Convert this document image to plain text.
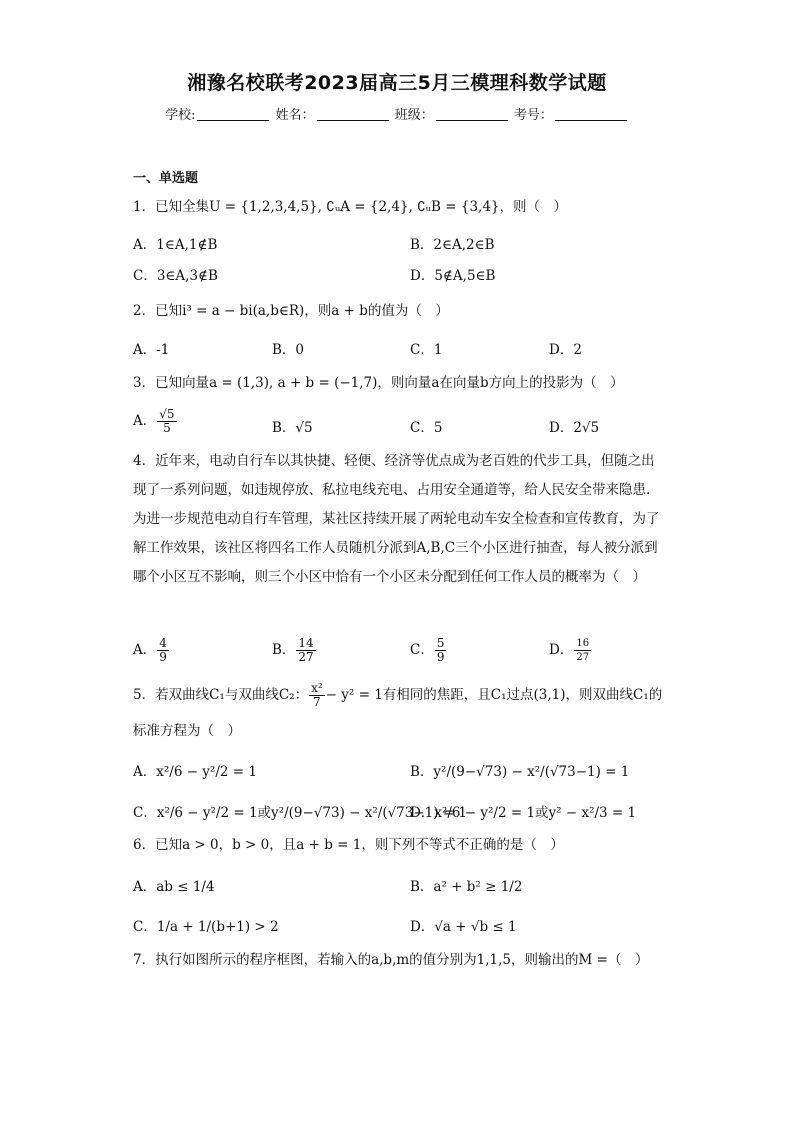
湘豫名校联考2023届高三5月三模理科数学试题
学校:	姓名：	班级：	考号：
一、单选题
1．已知全集U = {1,2,3,4,5}, ∁ᵤA = {2,4}, ∁ᵤB = {3,4}，则（　）
A．1∈A,1∉B	B．2∈A,2∈B
C．3∈A,3∉B	D．5∉A,5∈B
2．已知i³ = a − bi(a,b∈R)，则a + b的值为（　）
A．-1	B．0	C．1	D．2
3．已知向量a = (1,3), a + b = (−1,7)，则向量a在向量b方向上的投影为（　）
A． $\frac{√5}{5}$	B．√5	C．5	D．2√5
4．近年来，电动自行车以其快捷、轻便、经济等优点成为老百姓的代步工具，但随之出现了一系列问题，如违规停放、私拉电线充电、占用安全通道等，给人民安全带来隐患.为进一步规范电动自行车管理，某社区持续开展了两轮电动车安全检查和宣传教育，为了解工作效果，该社区将四名工作人员随机分派到A,B,C三个小区进行抽查，每人被分派到哪个小区互不影响，则三个小区中恰有一个小区未分配到任何工作人员的概率为（　）
A． $\frac{4}{9}$	B． $\frac{14}{27}$	C． $\frac{5}{9}$	D． $\frac{16}{27}$
5．若双曲线C₁与双曲线C₂： $\frac{\text{x²}}{7} - y^2 = 1$有相同的焦距，且C₁过点(3,1)，则双曲线C₁的
标准方程为（　）
A．x²/6 − y²/2 = 1	B．y²/(9−√73) − x²/(√73−1) = 1
C．x²/6 − y²/2 = 1或y²/(9−√73) − x²/(√73−1) = 1
D．x²/6 − y²/2 = 1或y² − x²/3 = 1
6．已知a > 0，b > 0，且a + b = 1，则下列不等式不正确的是（　）
A．ab ≤ 1/4	B．a² + b² ≥ 1/2
C．1/a + 1/(b+1) > 2	D．√a + √b ≤ 1
7．执行如图所示的程序框图，若输入的a,b,m的值分别为1,1,5，则输出的M =（　）
